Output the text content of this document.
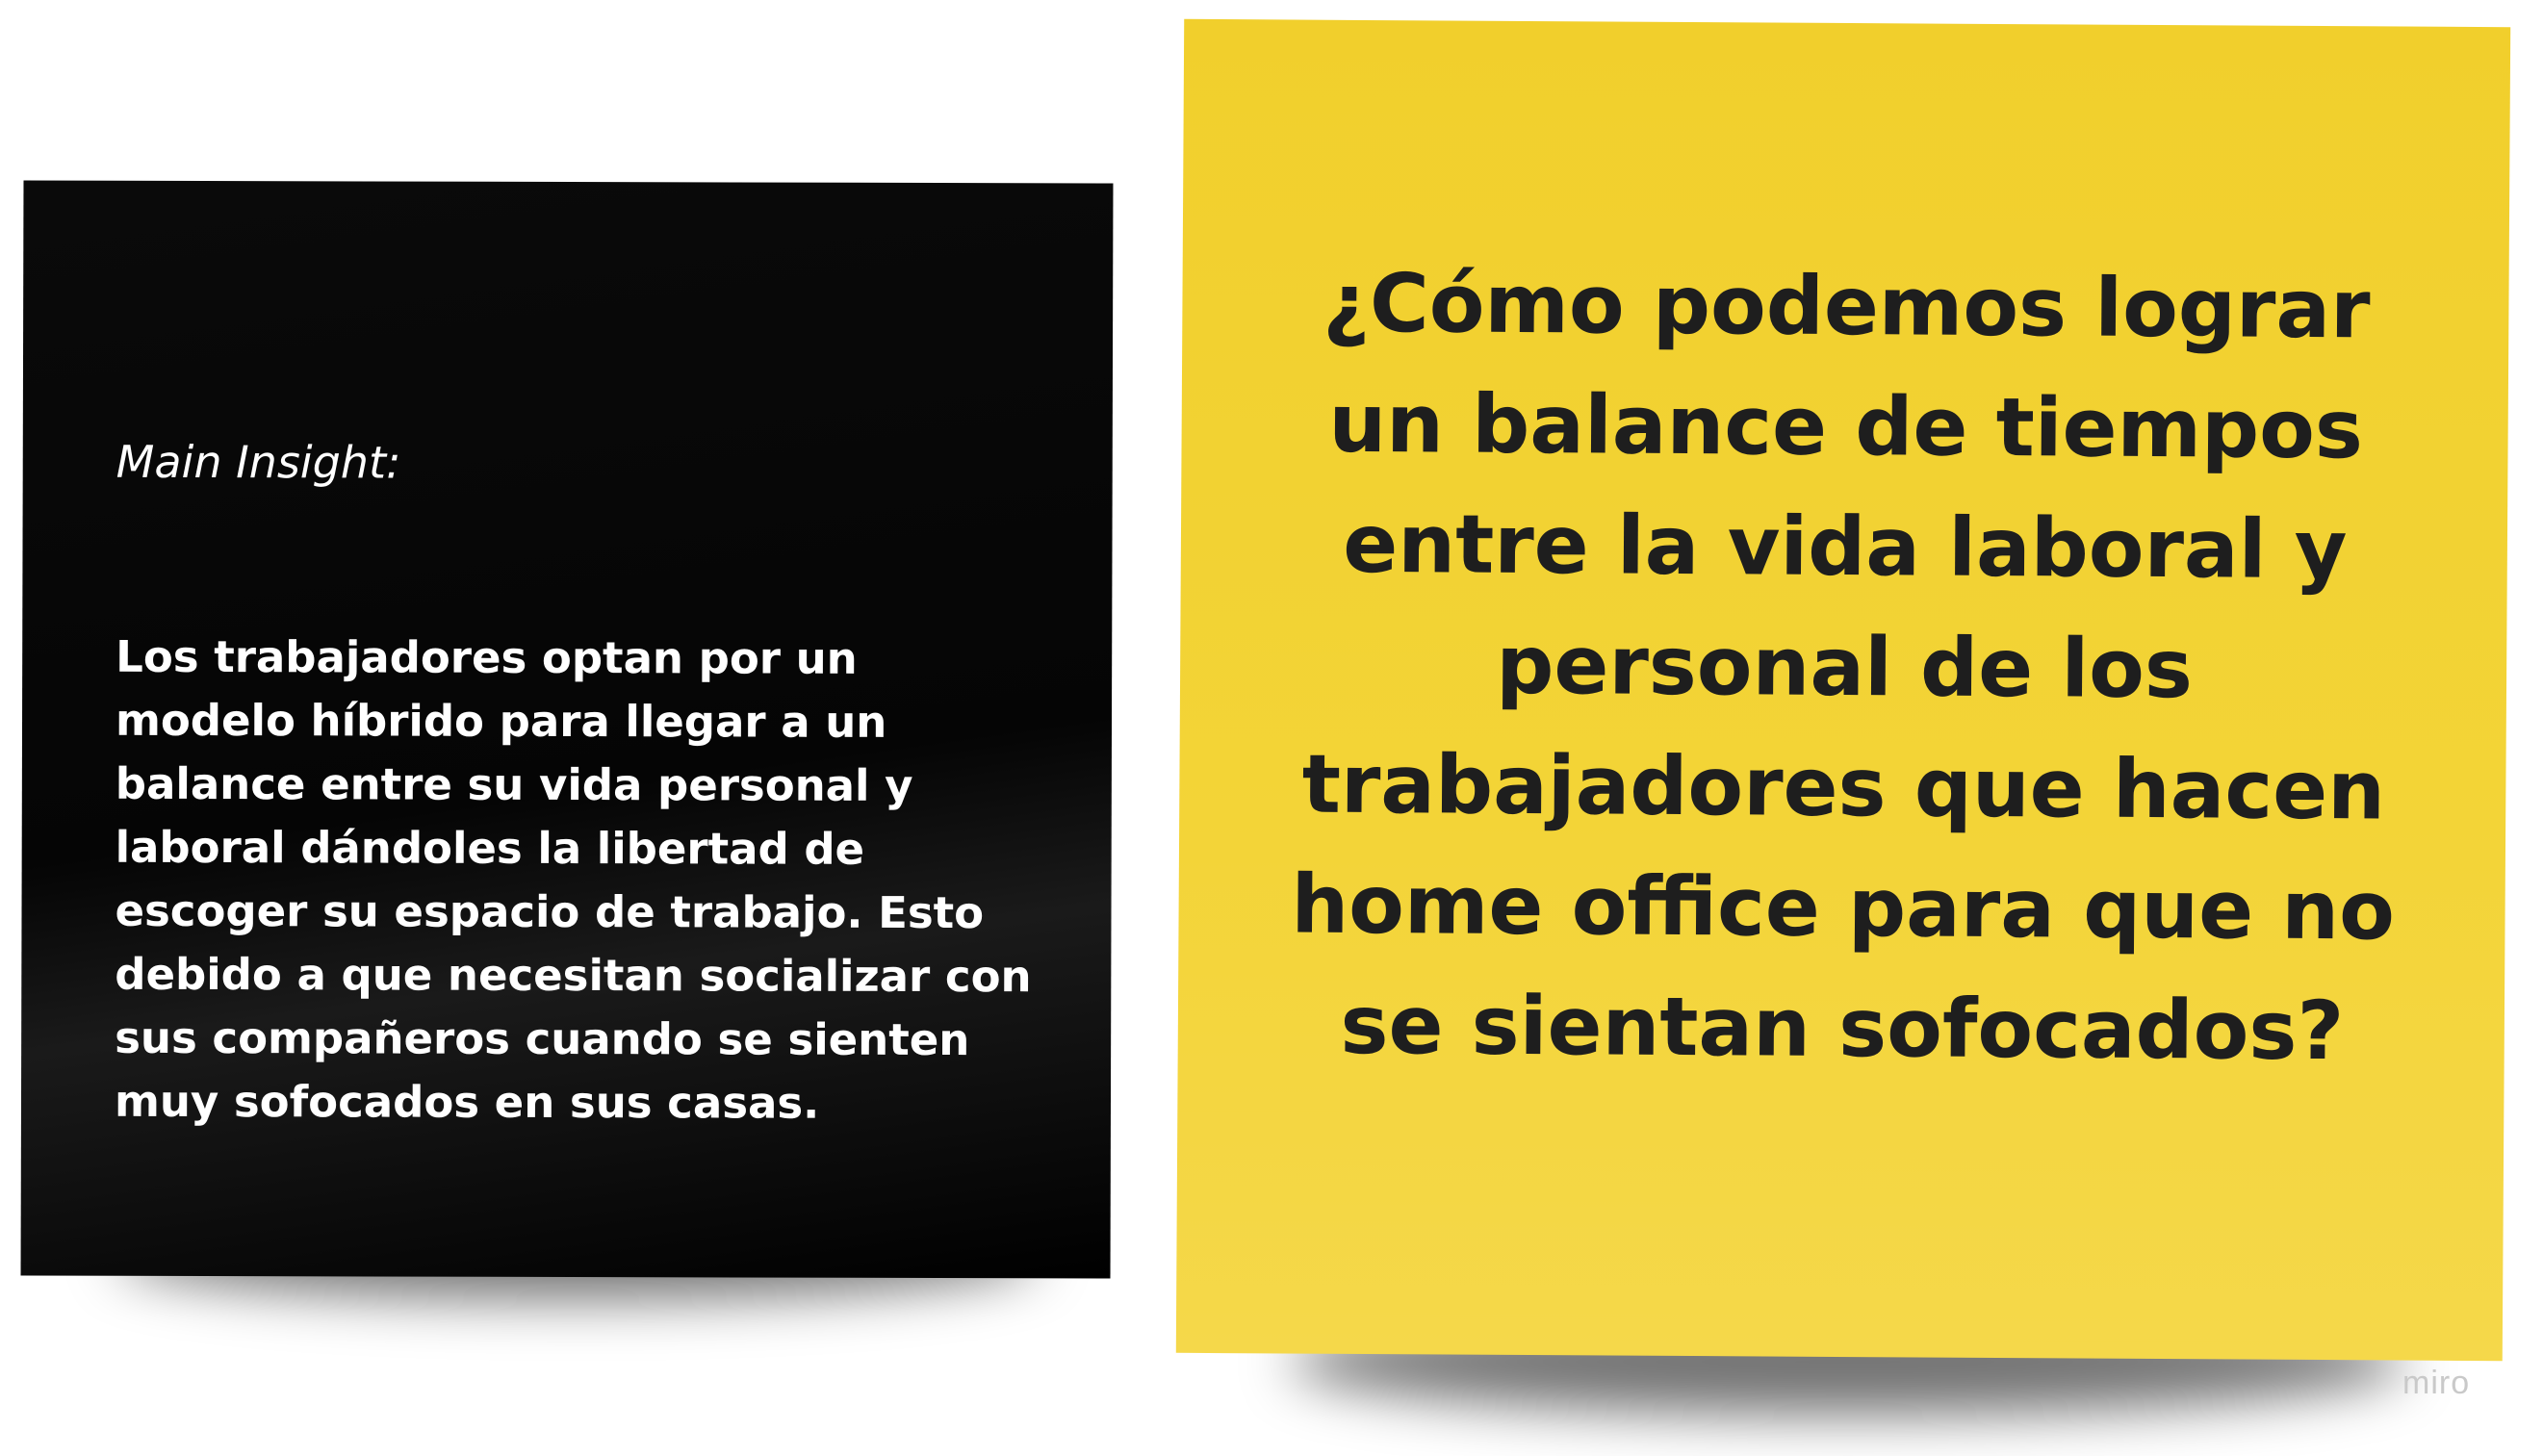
Main Insight:
Los trabajadores optan por un modelo híbrido para llegar a un balance entre su vida personal y laboral dándoles la libertad de escoger su espacio de trabajo. Esto debido a que necesitan socializar con sus compañeros cuando se sienten muy sofocados en sus casas.
¿Cómo podemos lograr un balance de tiempos entre la vida laboral y personal de los trabajadores que hacen home office para que no se sientan sofocados?
miro
